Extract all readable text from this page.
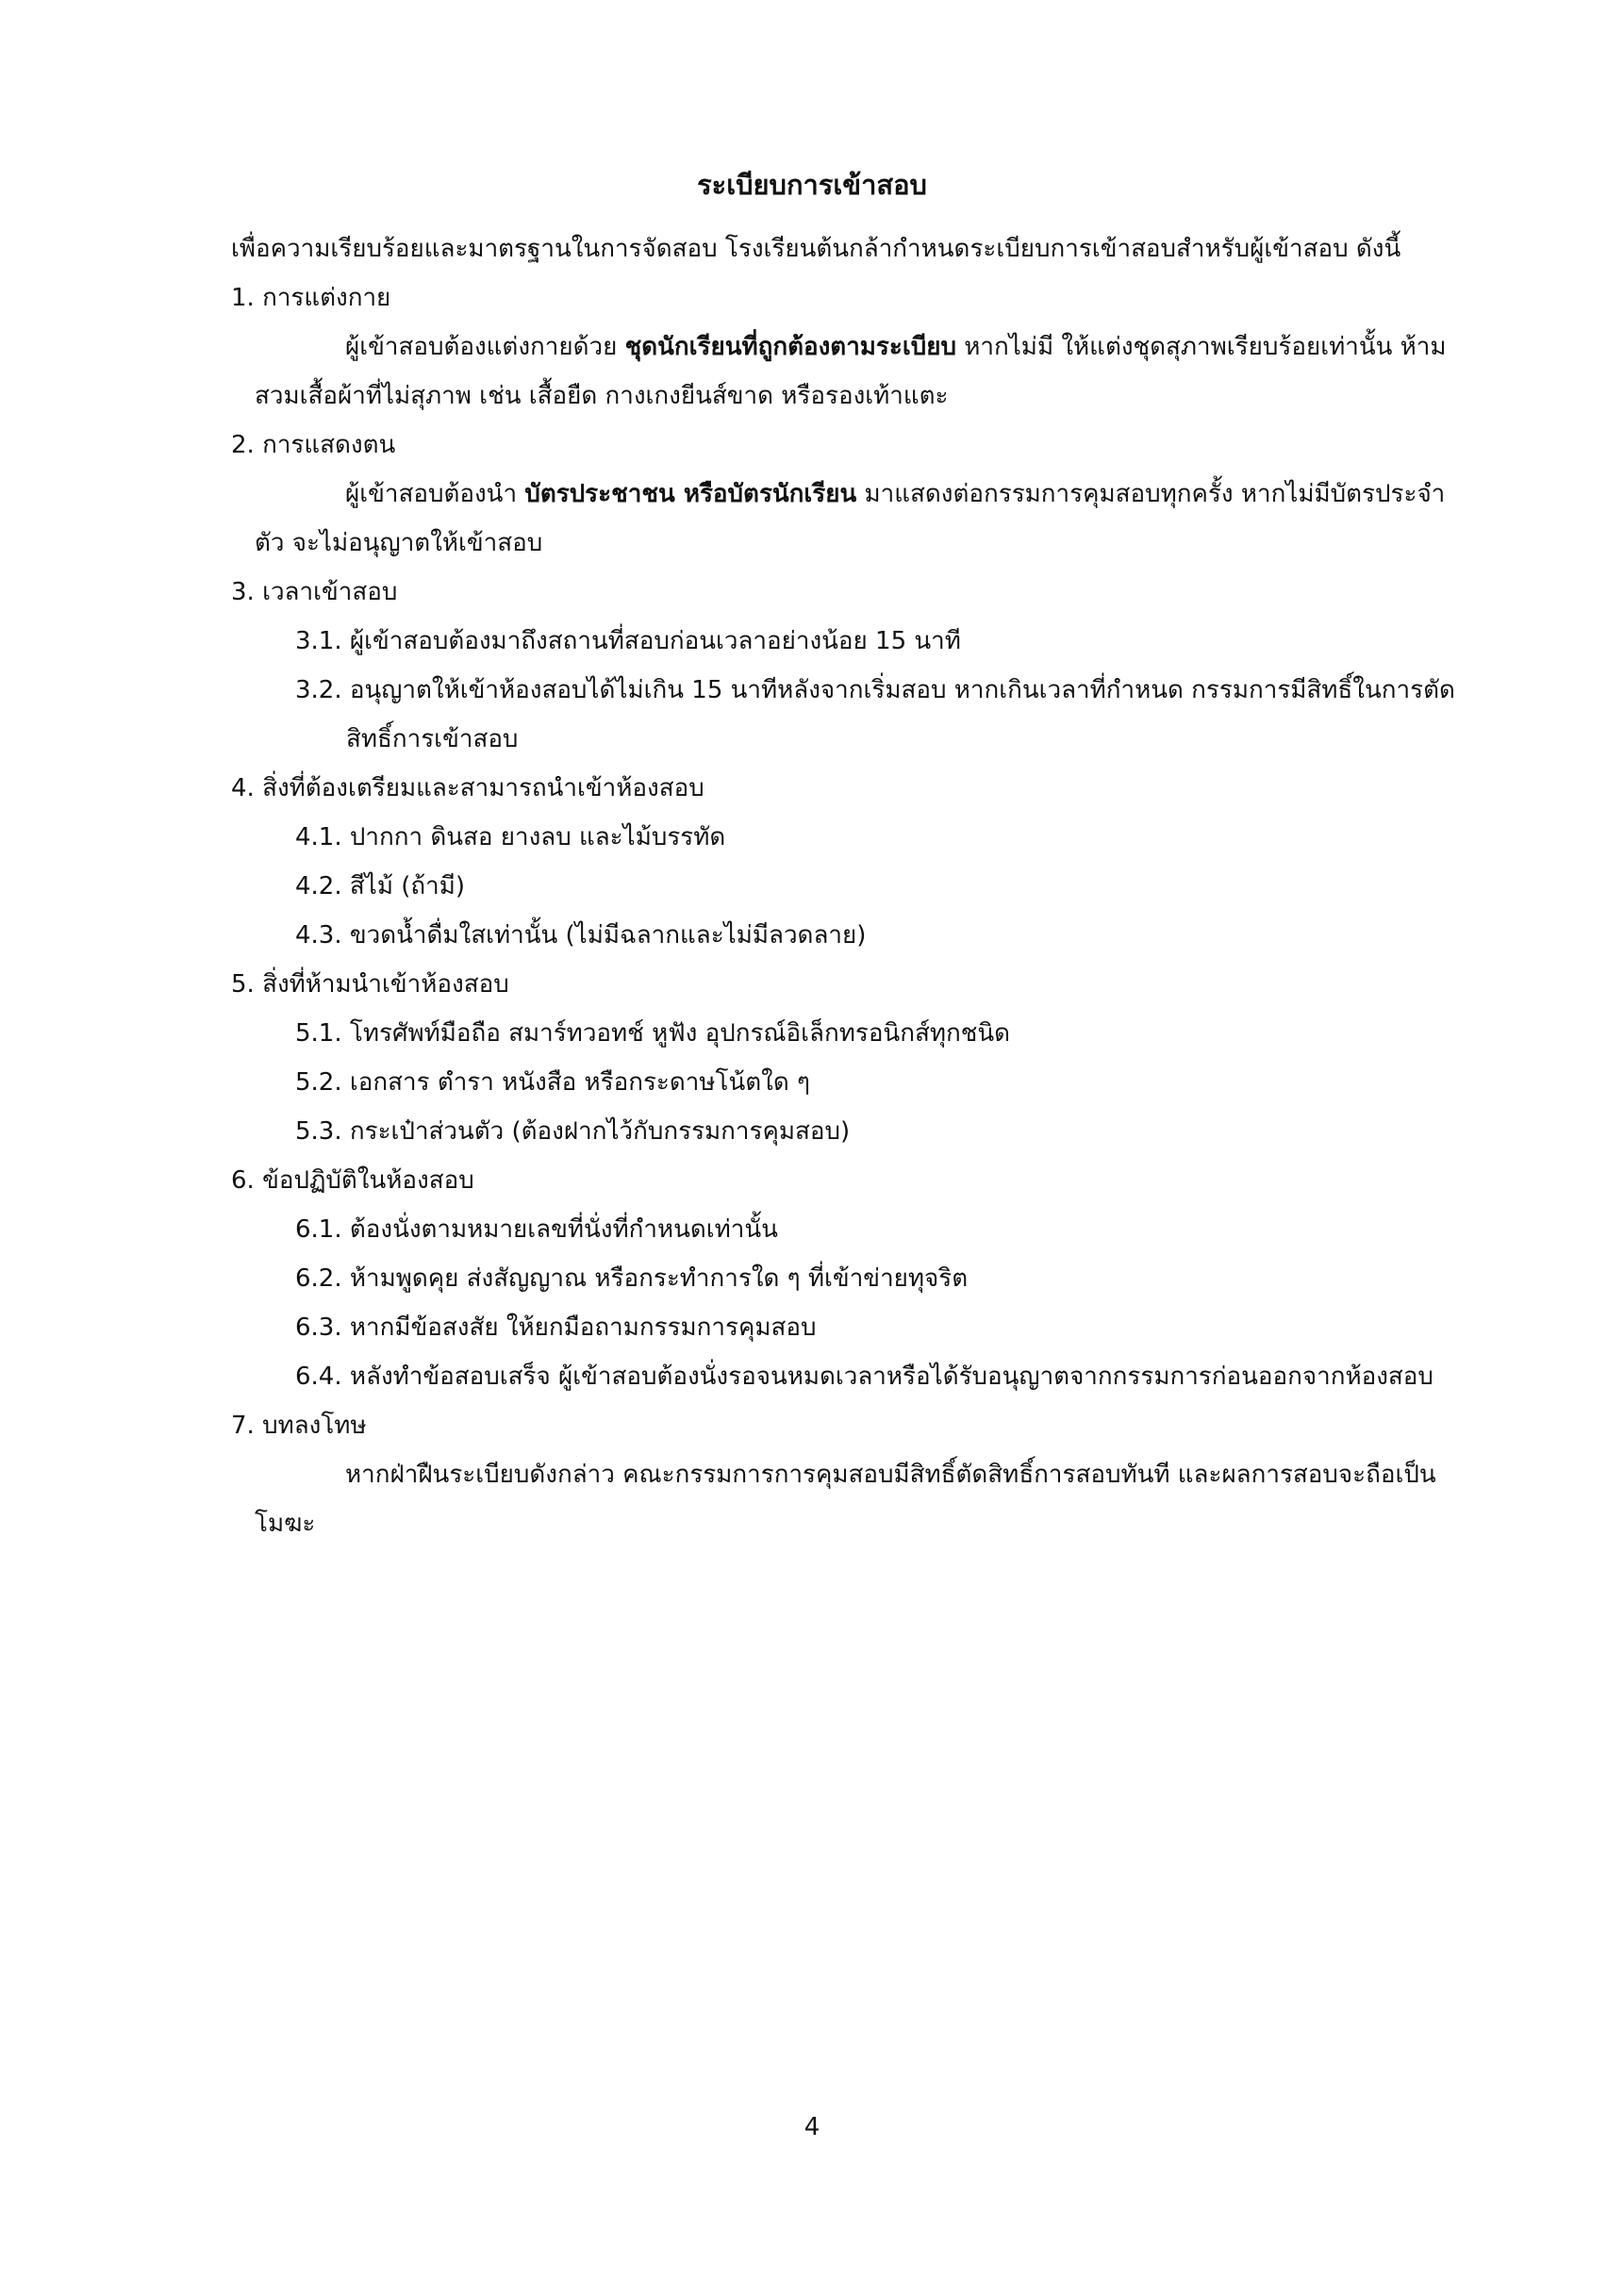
ระเบียบการเข้าสอบ

เพื่อความเรียบร้อยและมาตรฐานในการจัดสอบ โรงเรียนต้นกล้ากำหนดระเบียบการเข้าสอบสำหรับผู้เข้าสอบ ดังนี้

1. การแต่งกาย

ผู้เข้าสอบต้องแต่งกายด้วย ชุดนักเรียนที่ถูกต้องตามระเบียบ หากไม่มี ให้แต่งชุดสุภาพเรียบร้อยเท่านั้น ห้ามสวมเสื้อผ้าที่ไม่สุภาพ เช่น เสื้อยืด กางเกงยีนส์ขาด หรือรองเท้าแตะ

2. การแสดงตน

ผู้เข้าสอบต้องนำ บัตรประชาชน หรือบัตรนักเรียน มาแสดงต่อกรรมการคุมสอบทุกครั้ง หากไม่มีบัตรประจำตัว จะไม่อนุญาตให้เข้าสอบ

3. เวลาเข้าสอบ

3.1. ผู้เข้าสอบต้องมาถึงสถานที่สอบก่อนเวลาอย่างน้อย 15 นาที

3.2. อนุญาตให้เข้าห้องสอบได้ไม่เกิน 15 นาทีหลังจากเริ่มสอบ หากเกินเวลาที่กำหนด กรรมการมีสิทธิ์ในการตัดสิทธิ์การเข้าสอบ

4. สิ่งที่ต้องเตรียมและสามารถนำเข้าห้องสอบ

4.1. ปากกา ดินสอ ยางลบ และไม้บรรทัด

4.2. สีไม้ (ถ้ามี)

4.3. ขวดน้ำดื่มใสเท่านั้น (ไม่มีฉลากและไม่มีลวดลาย)

5. สิ่งที่ห้ามนำเข้าห้องสอบ

5.1. โทรศัพท์มือถือ สมาร์ทวอทช์ หูฟัง อุปกรณ์อิเล็กทรอนิกส์ทุกชนิด

5.2. เอกสาร ตำรา หนังสือ หรือกระดาษโน้ตใด ๆ

5.3. กระเป๋าส่วนตัว (ต้องฝากไว้กับกรรมการคุมสอบ)

6. ข้อปฏิบัติในห้องสอบ

6.1. ต้องนั่งตามหมายเลขที่นั่งที่กำหนดเท่านั้น

6.2. ห้ามพูดคุย ส่งสัญญาณ หรือกระทำการใด ๆ ที่เข้าข่ายทุจริต

6.3. หากมีข้อสงสัย ให้ยกมือถามกรรมการคุมสอบ

6.4. หลังทำข้อสอบเสร็จ ผู้เข้าสอบต้องนั่งรอจนหมดเวลาหรือได้รับอนุญาตจากกรรมการก่อนออกจากห้องสอบ

7. บทลงโทษ

หากฝ่าฝืนระเบียบดังกล่าว คณะกรรมการการคุมสอบมีสิทธิ์ตัดสิทธิ์การสอบทันที และผลการสอบจะถือเป็นโมฆะ

4
